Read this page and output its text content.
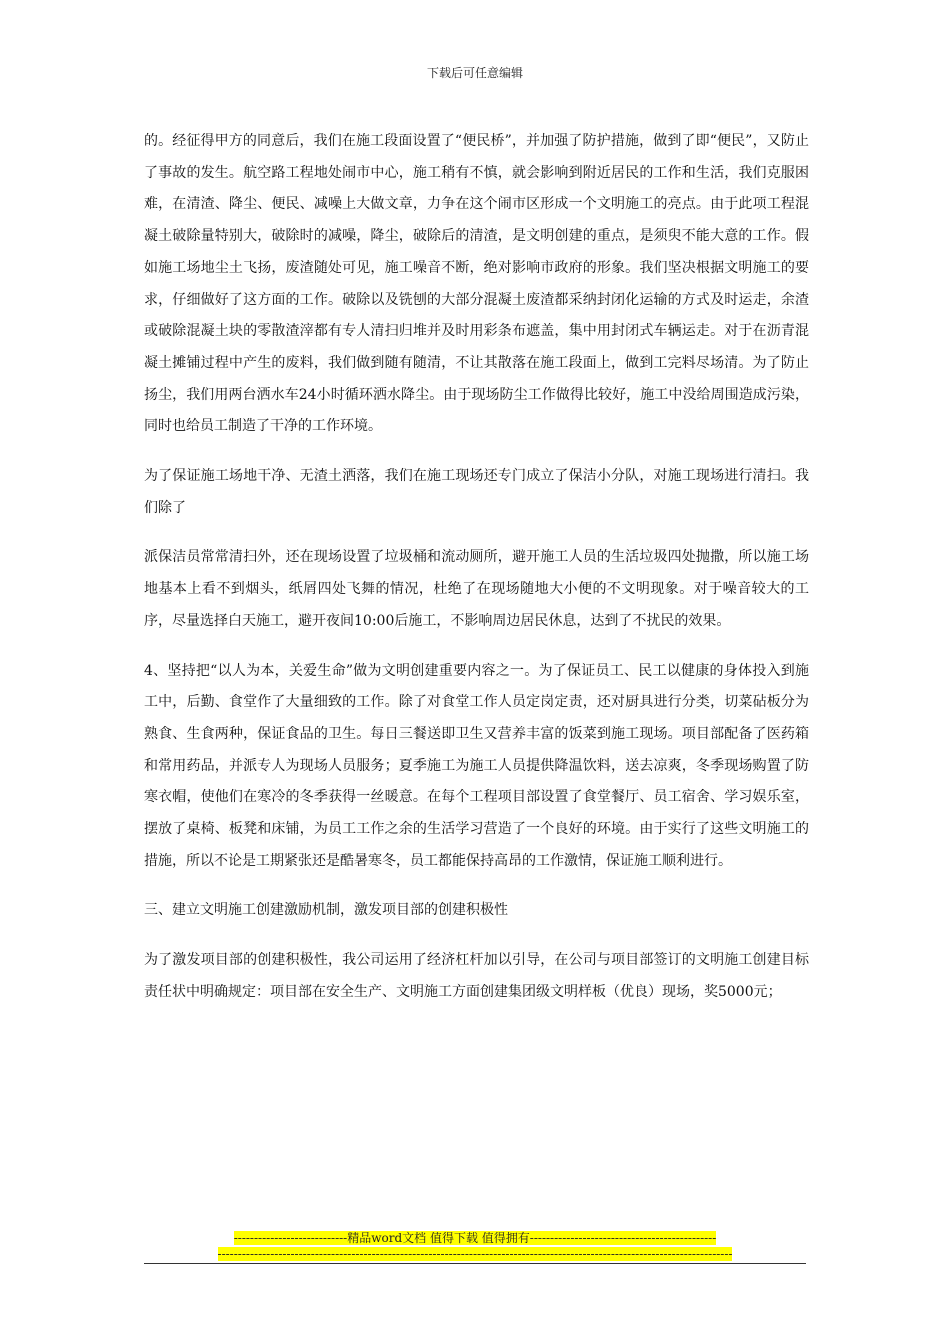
下载后可任意编辑

的。经征得甲方的同意后，我们在施工段面设置了“便民桥”，并加强了防护措施，做到了即“便民”，又防止了事故的发生。航空路工程地处闹市中心，施工稍有不慎，就会影响到附近居民的工作和生活，我们克服困难，在清渣、降尘、便民、减噪上大做文章，力争在这个闹市区形成一个文明施工的亮点。由于此项工程混凝土破除量特别大，破除时的减噪，降尘，破除后的清渣，是文明创建的重点，是须臾不能大意的工作。假如施工场地尘土飞扬，废渣随处可见，施工噪音不断，绝对影响市政府的形象。我们坚决根据文明施工的要求，仔细做好了这方面的工作。破除以及铣刨的大部分混凝土废渣都采纳封闭化运输的方式及时运走，余渣或破除混凝土块的零散渣滓都有专人清扫归堆并及时用彩条布遮盖，集中用封闭式车辆运走。对于在沥青混凝土摊铺过程中产生的废料，我们做到随有随清，不让其散落在施工段面上，做到工完料尽场清。为了防止扬尘，我们用两台洒水车24小时循环洒水降尘。由于现场防尘工作做得比较好，施工中没给周围造成污染，同时也给员工制造了干净的工作环境。

为了保证施工场地干净、无渣土洒落，我们在施工现场还专门成立了保洁小分队，对施工现场进行清扫。我们除了

派保洁员常常清扫外，还在现场设置了垃圾桶和流动厕所，避开施工人员的生活垃圾四处抛撒，所以施工场地基本上看不到烟头，纸屑四处飞舞的情况，杜绝了在现场随地大小便的不文明现象。对于噪音较大的工序，尽量选择白天施工，避开夜间10:00后施工，不影响周边居民休息，达到了不扰民的效果。

4、坚持把“以人为本，关爱生命”做为文明创建重要内容之一。为了保证员工、民工以健康的身体投入到施工中，后勤、食堂作了大量细致的工作。除了对食堂工作人员定岗定责，还对厨具进行分类，切菜砧板分为熟食、生食两种，保证食品的卫生。每日三餐送即卫生又营养丰富的饭菜到施工现场。项目部配备了医药箱和常用药品，并派专人为现场人员服务；夏季施工为施工人员提供降温饮料，送去凉爽，冬季现场购置了防寒衣帽，使他们在寒冷的冬季获得一丝暖意。在每个工程项目部设置了食堂餐厅、员工宿舍、学习娱乐室，摆放了桌椅、板凳和床铺，为员工工作之余的生活学习营造了一个良好的环境。由于实行了这些文明施工的措施，所以不论是工期紧张还是酷暑寒冬，员工都能保持高昂的工作激情，保证施工顺利进行。

三、建立文明施工创建激励机制，激发项目部的创建积极性

为了激发项目部的创建积极性，我公司运用了经济杠杆加以引导，在公司与项目部签订的文明施工创建目标责任状中明确规定：项目部在安全生产、文明施工方面创建集团级文明样板（优良）现场，奖5000元；

----------------------------精品word文档 值得下载 值得拥有----------------------------------------------
-------------------------------------------------------------------------------------------------------------------------------
